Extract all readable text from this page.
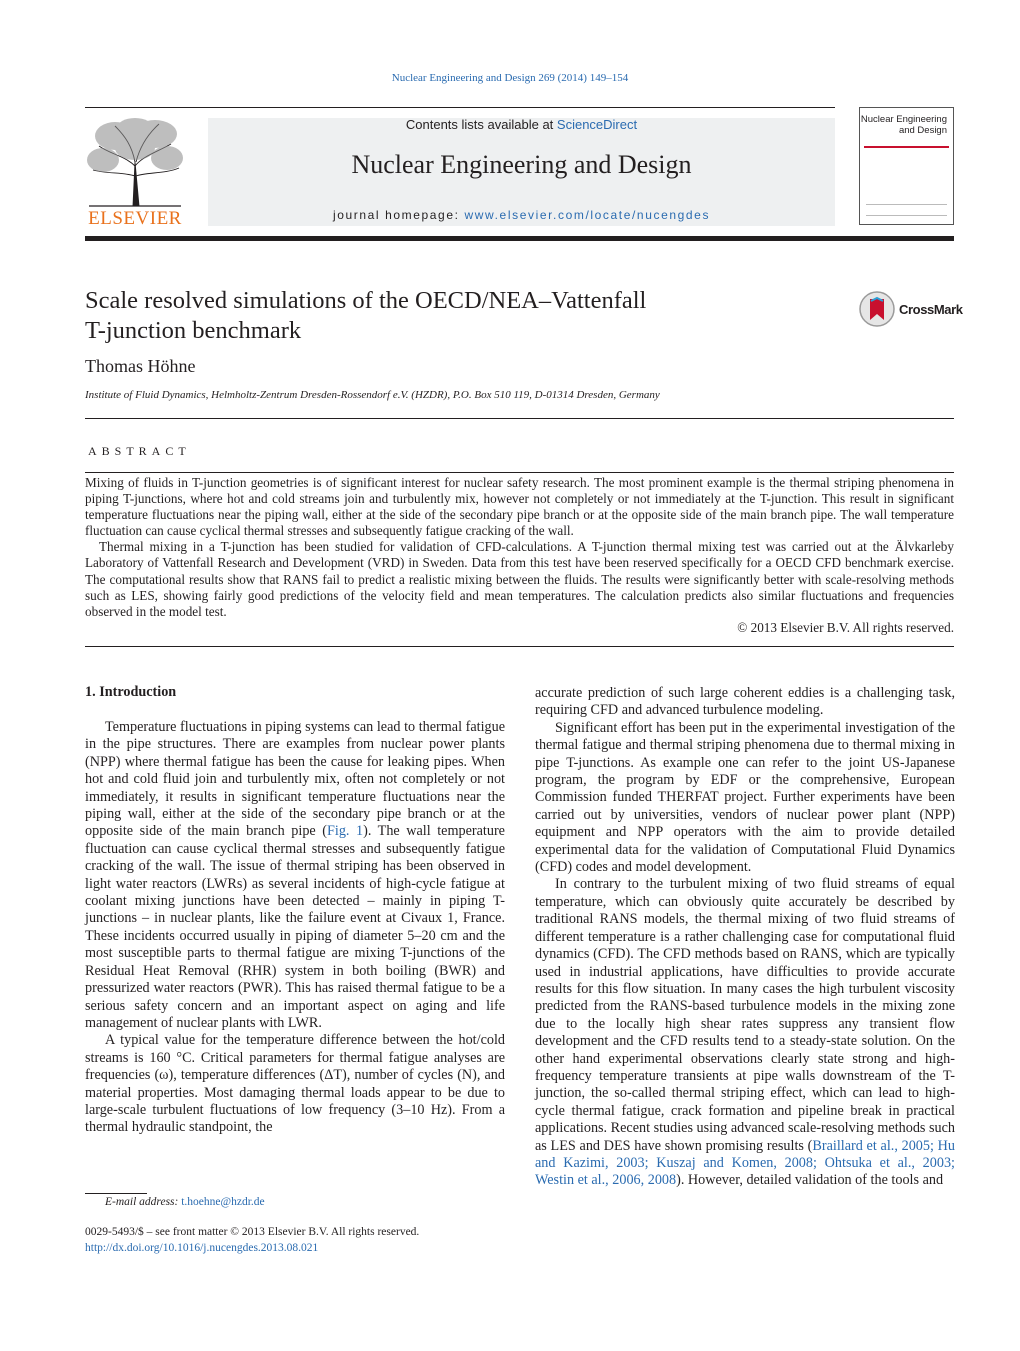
Nuclear Engineering and Design 269 (2014) 149–154
ELSEVIER
Contents lists available at ScienceDirect
Nuclear Engineering and Design
journal homepage: www.elsevier.com/locate/nucengdes
Nuclear Engineering
and Design
Scale resolved simulations of the OECD/NEA–Vattenfall
T-junction benchmark
CrossMark
Thomas Höhne
Institute of Fluid Dynamics, Helmholtz-Zentrum Dresden-Rossendorf e.V. (HZDR), P.O. Box 510 119, D-01314 Dresden, Germany
ABSTRACT

Mixing of fluids in T-junction geometries is of significant interest for nuclear safety research. The most prominent example is the thermal striping phenomena in piping T-junctions, where hot and cold streams join and turbulently mix, however not completely or not immediately at the T-junction. This result in significant temperature fluctuations near the piping wall, either at the side of the secondary pipe branch or at the opposite side of the main branch pipe. The wall temperature fluctuation can cause cyclical thermal stresses and subsequently fatigue cracking of the wall.

Thermal mixing in a T-junction has been studied for validation of CFD-calculations. A T-junction thermal mixing test was carried out at the Älvkarleby Laboratory of Vattenfall Research and Development (VRD) in Sweden. Data from this test have been reserved specifically for a OECD CFD benchmark exercise. The computational results show that RANS fail to predict a realistic mixing between the fluids. The results were significantly better with scale-resolving methods such as LES, showing fairly good predictions of the velocity field and mean temperatures. The calculation predicts also similar fluctuations and frequencies observed in the model test.

© 2013 Elsevier B.V. All rights reserved.
1. Introduction

Temperature fluctuations in piping systems can lead to thermal fatigue in the pipe structures. There are examples from nuclear power plants (NPP) where thermal fatigue has been the cause for leaking pipes. When hot and cold fluid join and turbulently mix, often not completely or not immediately, it results in significant temperature fluctuations near the piping wall, either at the side of the secondary pipe branch or at the opposite side of the main branch pipe (Fig. 1). The wall temperature fluctuation can cause cyclical thermal stresses and subsequently fatigue cracking of the wall. The issue of thermal striping has been observed in light water reactors (LWRs) as several incidents of high-cycle fatigue at coolant mixing junctions have been detected – mainly in piping T-junctions – in nuclear plants, like the failure event at Civaux 1, France. These incidents occurred usually in piping of diameter 5–20 cm and the most susceptible parts to thermal fatigue are mixing T-junctions of the Residual Heat Removal (RHR) system in both boiling (BWR) and pressurized water reactors (PWR). This has raised thermal fatigue to be a serious safety concern and an important aspect on aging and life management of nuclear plants with LWR.

A typical value for the temperature difference between the hot/cold streams is 160 °C. Critical parameters for thermal fatigue analyses are frequencies (ω), temperature differences (ΔT), number of cycles (N), and material properties. Most damaging thermal loads appear to be due to large-scale turbulent fluctuations of low frequency (3–10 Hz). From a thermal hydraulic standpoint, the

accurate prediction of such large coherent eddies is a challenging task, requiring CFD and advanced turbulence modeling.

Significant effort has been put in the experimental investigation of the thermal fatigue and thermal striping phenomena due to thermal mixing in pipe T-junctions. As example one can refer to the joint US-Japanese program, the program by EDF or the comprehensive, European Commission funded THERFAT project. Further experiments have been carried out by universities, vendors of nuclear power plant (NPP) equipment and NPP operators with the aim to provide detailed experimental data for the validation of Computational Fluid Dynamics (CFD) codes and model development.

In contrary to the turbulent mixing of two fluid streams of equal temperature, which can obviously quite accurately be described by traditional RANS models, the thermal mixing of two fluid streams of different temperature is a rather challenging case for computational fluid dynamics (CFD). The CFD methods based on RANS, which are typically used in industrial applications, have difficulties to provide accurate results for this flow situation. In many cases the high turbulent viscosity predicted from the RANS-based turbulence models in the mixing zone due to the locally high shear rates suppress any transient flow development and the CFD results tend to a steady-state solution. On the other hand experimental observations clearly state strong and high-frequency temperature transients at pipe walls downstream of the T-junction, the so-called thermal striping effect, which can lead to high-cycle thermal fatigue, crack formation and pipeline break in practical applications. Recent studies using advanced scale-resolving methods such as LES and DES have shown promising results (Braillard et al., 2005; Hu and Kazimi, 2003; Kuszaj and Komen, 2008; Ohtsuka et al., 2003; Westin et al., 2006, 2008). However, detailed validation of the tools and

E-mail address: t.hoehne@hzdr.de
0029-5493/$ – see front matter © 2013 Elsevier B.V. All rights reserved.
http://dx.doi.org/10.1016/j.nucengdes.2013.08.021
